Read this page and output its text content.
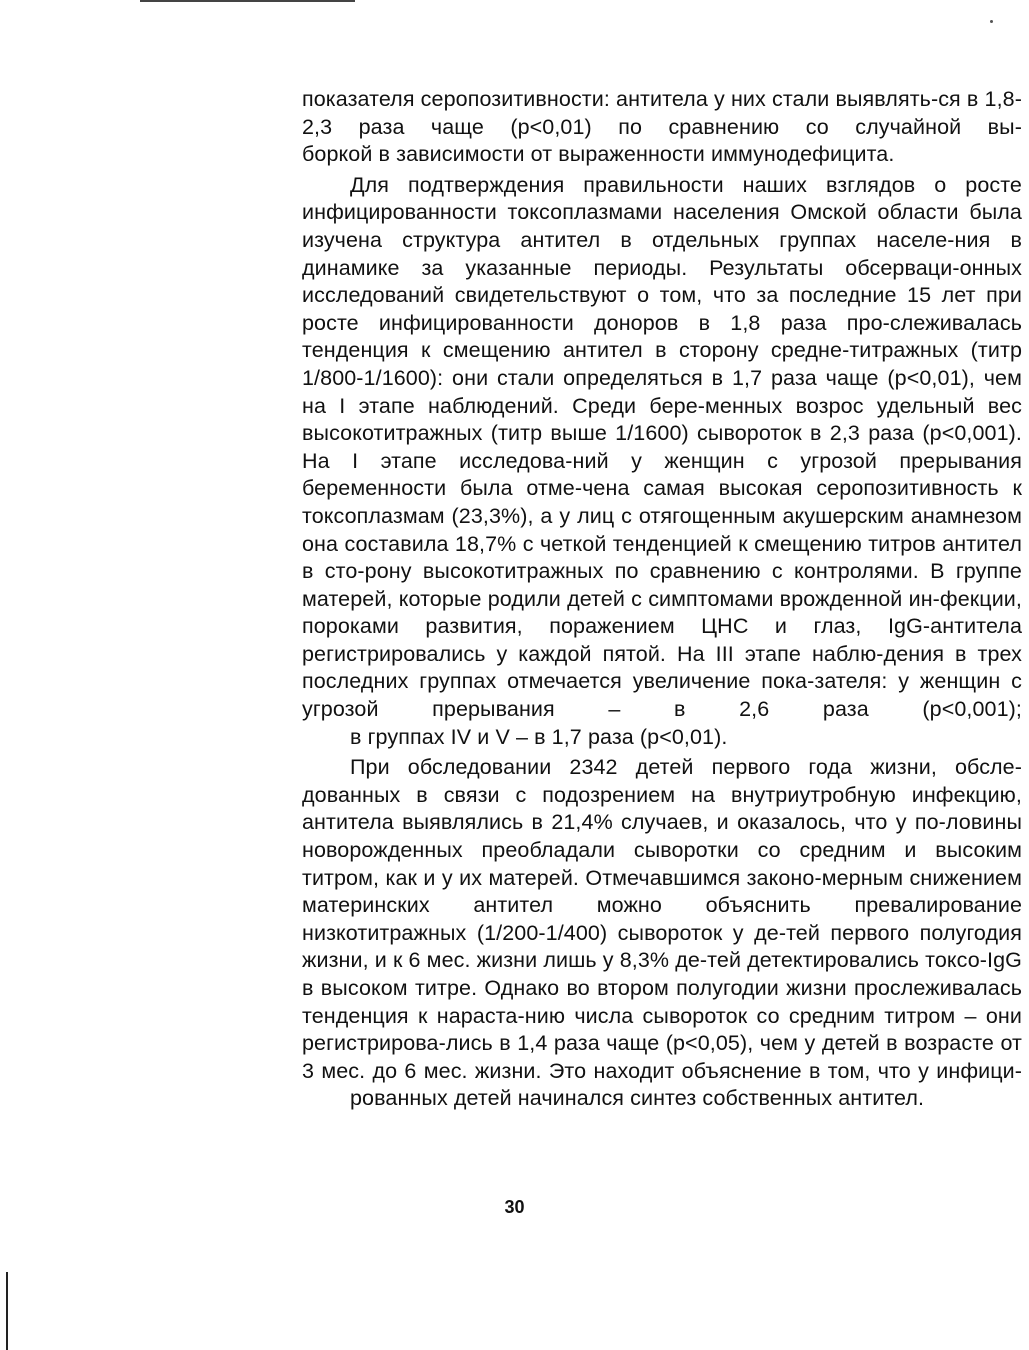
показателя серопозитивности: антитела у них стали выявлять-ся в 1,8-2,3 раза чаще (р<0,01) по сравнению со случайной вы-
боркой в зависимости от выраженности иммунодефицита.

Для подтверждения правильности наших взглядов о росте инфицированности токсоплазмами населения Омской области была изучена структура антител в отдельных группах населе-ния в динамике за указанные периоды. Результаты обсерваци-онных исследований свидетельствуют о том, что за последние 15 лет при росте инфицированности доноров в 1,8 раза про-слеживалась тенденция к смещению антител в сторону средне-титражных (титр 1/800-1/1600): они стали определяться в 1,7 раза чаще (р<0,01), чем на I этапе наблюдений. Среди бере-менных возрос удельный вес высокотитражных (титр выше 1/1600) сывороток в 2,3 раза (р<0,001). На I этапе исследова-ний у женщин с угрозой прерывания беременности была отме-чена самая высокая серопозитивность к токсоплазмам (23,3%), а у лиц с отягощенным акушерским анамнезом она составила 18,7% с четкой тенденцией к смещению титров антител в сто-рону высокотитражных по сравнению с контролями. В группе матерей, которые родили детей с симптомами врожденной ин-фекции, пороками развития, поражением ЦНС и глаз, IgG-антитела регистрировались у каждой пятой. На III этапе наблю-дения в трех последних группах отмечается увеличение пока-зателя: у женщин с угрозой прерывания – в 2,6 раза (р<0,001);
в группах IV и V – в 1,7 раза (р<0,01).

При обследовании 2342 детей первого года жизни, обсле-дованных в связи с подозрением на внутриутробную инфекцию, антитела выявлялись в 21,4% случаев, и оказалось, что у по-ловины новорожденных преобладали сыворотки со средним и высоким титром, как и у их матерей. Отмечавшимся законо-мерным снижением материнских антител можно объяснить превалирование низкотитражных (1/200-1/400) сывороток у де-тей первого полугодия жизни, и к 6 мес. жизни лишь у 8,3% де-тей детектировались токсо-IgG в высоком титре. Однако во втором полугодии жизни прослеживалась тенденция к нараста-нию числа сывороток со средним титром – они регистрирова-лись в 1,4 раза чаще (р<0,05), чем у детей в возрасте от 3 мес. до 6 мес. жизни. Это находит объяснение в том, что у инфици-
рованных детей начинался синтез собственных антител.

30
